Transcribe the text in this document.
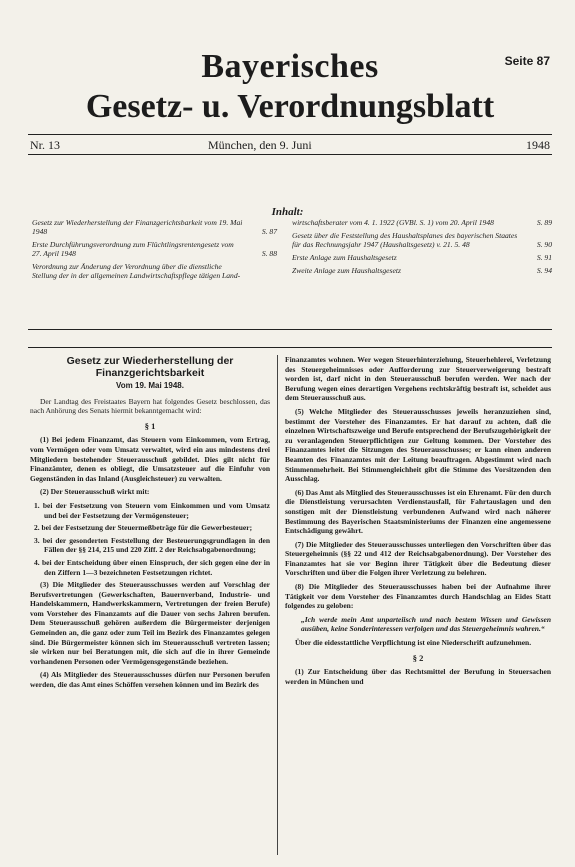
Bayerisches
Gesetz- u. Verordnungsblatt
Seite 87
Nr. 13	München, den 9. Juni	1948
Inhalt:
Gesetz zur Wiederherstellung der Finanzgerichtsbarkeit vom 19. Mai 1948	S. 87
Erste Durchführungsverordnung zum Flüchtlingsrentengesetz vom 27. April 1948	S. 88
Verordnung zur Änderung der Verordnung über die dienstliche Stellung der in der allgemeinen Landwirtschaftspflege tätigen Land-
wirtschaftsberater vom 4. 1. 1922 (GVBl. S. 1) vom 20. April 1948	S. 89
Gesetz über die Feststellung des Haushaltsplanes des bayerischen Staates für das Rechnungsjahr 1947 (Haushaltsgesetz) v. 21. 5. 48	S. 90
Erste Anlage zum Haushaltsgesetz	S. 91
Zweite Anlage zum Haushaltsgesetz	S. 94
Gesetz zur Wiederherstellung der Finanzgerichtsbarkeit
Vom 19. Mai 1948.

Der Landtag des Freistaates Bayern hat folgendes Gesetz beschlossen, das nach Anhörung des Senats hiermit bekanntgemacht wird:

§ 1

(1) Bei jedem Finanzamt, das Steuern vom Einkommen, vom Ertrag, vom Vermögen oder vom Umsatz verwaltet, wird ein aus mindestens drei Mitgliedern bestehender Steuerausschuß gebildet. Dies gilt nicht für Finanzämter, denen es obliegt, die Umsatzsteuer auf die Einfuhr von Gegenständen in das Inland (Ausgleichsteuer) zu verwalten.

(2) Der Steuerausschuß wirkt mit:

1. bei der Festsetzung von Steuern vom Einkommen und vom Umsatz und bei der Festsetzung der Vermögensteuer;

2. bei der Festsetzung der Steuermeßbeträge für die Gewerbesteuer;

3. bei der gesonderten Feststellung der Besteuerungsgrundlagen in den Fällen der §§ 214, 215 und 220 Ziff. 2 der Reichsabgabenordnung;

4. bei der Entscheidung über einen Einspruch, der sich gegen eine der in den Ziffern 1—3 bezeichneten Festsetzungen richtet.

(3) Die Mitglieder des Steuerausschusses werden auf Vorschlag der Berufsvertretungen (Gewerkschaften, Bauernverband, Industrie- und Handelskammern, Handwerkskammern, Vertretungen der freien Berufe) vom Vorsteher des Finanzamts auf die Dauer von sechs Jahren berufen. Dem Steuerausschuß gehören außerdem die Bürgermeister derjenigen Gemeinden an, die ganz oder zum Teil im Bezirk des Finanzamtes gelegen sind. Die Bürgermeister können sich im Steuerausschuß vertreten lassen; sie wirken nur bei Beratungen mit, die sich auf die in ihrer Gemeinde vorhandenen Personen oder Vermögensgegenstände beziehen.

(4) Als Mitglieder des Steuerausschusses dürfen nur Personen berufen werden, die das Amt eines Schöffen versehen können und im Bezirk des

Finanzamtes wohnen. Wer wegen Steuerhinterziehung, Steuerhehlerei, Verletzung des Steuergeheimnisses oder Aufforderung zur Steuerverweigerung bestraft worden ist, darf nicht in den Steuerausschuß berufen werden. Wer nach der Berufung wegen eines derartigen Vergehens rechtskräftig bestraft ist, scheidet aus dem Steuerausschuß aus.

(5) Welche Mitglieder des Steuerausschusses jeweils heranzuziehen sind, bestimmt der Vorsteher des Finanzamtes. Er hat darauf zu achten, daß die einzelnen Wirtschaftszweige und Berufe entsprechend der Berufszugehörigkeit der zu veranlagenden Steuerpflichtigen zur Geltung kommen. Der Vorsteher des Finanzamtes leitet die Sitzungen des Steuerausschusses; er kann einen anderen Beamten des Finanzamtes mit der Leitung beauftragen. Abgestimmt wird nach Stimmenmehrheit. Bei Stimmengleichheit gibt die Stimme des Vorsitzenden den Ausschlag.

(6) Das Amt als Mitglied des Steuerausschusses ist ein Ehrenamt. Für den durch die Dienstleistung verursachten Verdienstausfall, für Fahrtauslagen und den sonstigen mit der Dienstleistung verbundenen Aufwand wird nach näherer Bestimmung des Bayerischen Staatsministeriums der Finanzen eine angemessene Entschädigung gewährt.

(7) Die Mitglieder des Steuerausschusses unterliegen den Vorschriften über das Steuergeheimnis (§§ 22 und 412 der Reichsabgabenordnung). Der Vorsteher des Finanzamtes hat sie vor Beginn ihrer Tätigkeit über die Bedeutung dieser Vorschriften und über die Folgen ihrer Verletzung zu belehren.

(8) Die Mitglieder des Steuerausschusses haben bei der Aufnahme ihrer Tätigkeit vor dem Vorsteher des Finanzamtes durch Handschlag an Eides Statt folgendes zu geloben:

„Ich werde mein Amt unparteiisch und nach bestem Wissen und Gewissen ausüben, keine Sonderinteressen verfolgen und das Steuergeheimnis wahren.“

Über die eidesstattliche Verpflichtung ist eine Niederschrift aufzunehmen.

§ 2

(1) Zur Entscheidung über das Rechtsmittel der Berufung in Steuersachen werden in München und
